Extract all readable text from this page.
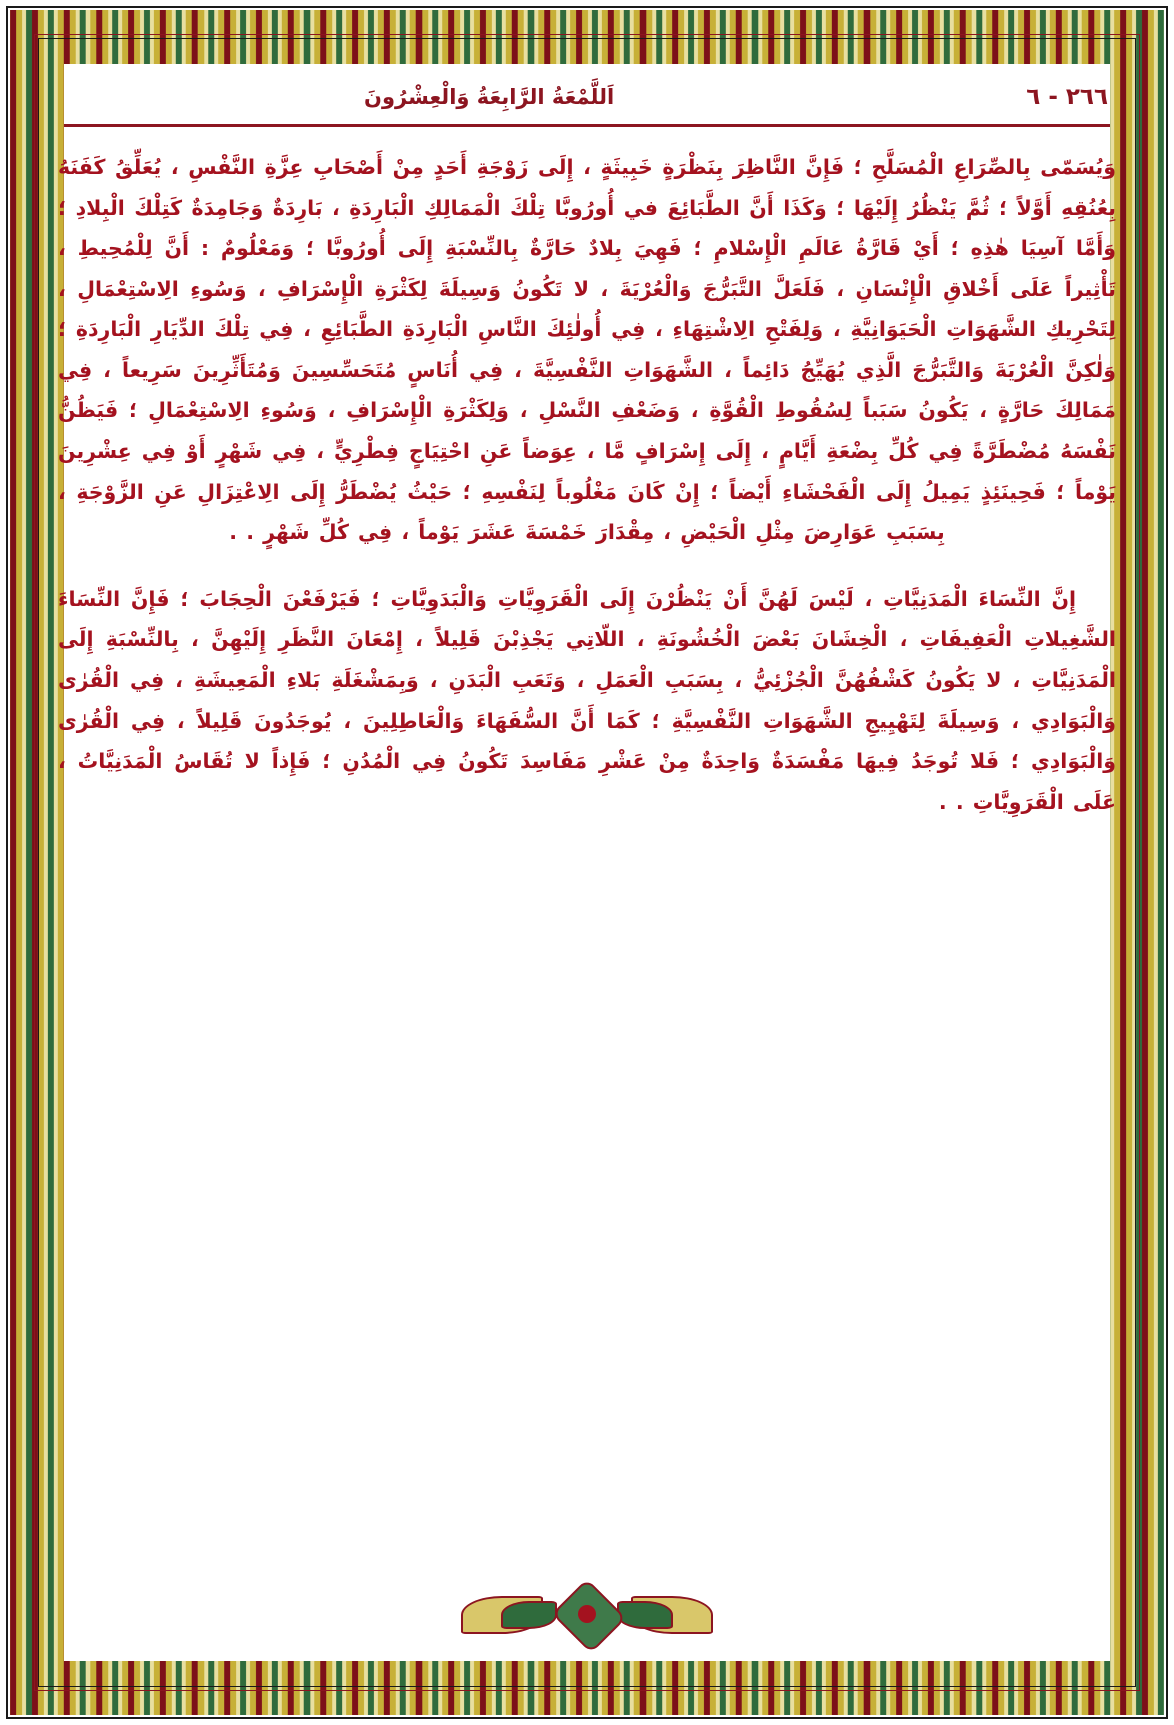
٢٦٦ - ٦
اَللَّمْعَةُ الرَّابِعَةُ وَالْعِشْرُونَ

وَيُسَمّى بِالصِّرَاعِ الْمُسَلَّحِ ؛ فَإِنَّ النَّاظِرَ بِنَظْرَةٍ خَبِيثَةٍ ، إِلَى زَوْجَةِ أَحَدٍ مِنْ أَصْحَابِ عِزَّةِ النَّفْسِ ، يُعَلِّقُ كَفَنَهُ بِعُنُقِهِ أَوَّلاً ؛ ثُمَّ يَنْظُرُ إِلَيْهَا ؛ وَكَذَا أَنَّ الطَّبَائِعَ في أُورُوبَّا تِلْكَ الْمَمَالِكِ الْبَارِدَةِ ، بَارِدَةٌ وَجَامِدَةٌ كَتِلْكَ الْبِلادِ ؛ وَأَمَّا آسِيَا هٰذِهِ ؛ أَيْ قَارَّةُ عَالَمِ الْإِسْلامِ ؛ فَهِيَ بِلادٌ حَارَّةٌ بِالنِّسْبَةِ إِلَى أُورُوبَّا ؛ وَمَعْلُومٌ : أَنَّ لِلْمُحِيطِ ، تَأْثِيراً عَلَى أَخْلاقِ الْإِنْسَانِ ، فَلَعَلَّ التَّبَرُّجَ وَالْعُرْيَةَ ، لا تَكُونُ وَسِيلَةَ لِكَثْرَةِ الْإِسْرَافِ ، وَسُوءِ الِاسْتِعْمَالِ ، لِتَحْرِيكِ الشَّهَوَاتِ الْحَيَوَانِيَّةِ ، وَلِفَتْحِ الِاشْتِهَاءِ ، فِي أُولٰئِكَ النَّاسِ الْبَارِدَةِ الطَّبَائِعِ ، فِي تِلْكَ الدِّيَارِ الْبَارِدَةِ ؛ وَلٰكِنَّ الْعُرْيَةَ وَالتَّبَرُّجَ الَّذِي يُهَيِّجُ دَائِماً ، الشَّهَوَاتِ النَّفْسِيَّةَ ، فِي أُنَاسٍ مُتَحَسِّسِينَ وَمُتَأَثِّرِينَ سَرِيعاً ، فِي مَمَالِكَ حَارَّةٍ ، يَكُونُ سَبَباً لِسُقُوطِ الْقُوَّةِ ، وَضَعْفِ النَّسْلِ ، وَلِكَثْرَةِ الْإِسْرَافِ ، وَسُوءِ الِاسْتِعْمَالِ ؛ فَيَظُنُّ نَفْسَهُ مُضْطَرَّةً فِي كُلِّ بِضْعَةِ أَيَّامٍ ، إِلَى إِسْرَافٍ مَّا ، عِوَضاً عَنِ احْتِيَاجٍ فِطْرِيٍّ ، فِي شَهْرٍ أَوْ فِي عِشْرِينَ يَوْماً ؛ فَحِينَئِذٍ يَمِيلُ إِلَى الْفَحْشَاءِ أَيْضاً ؛ إِنْ كَانَ مَغْلُوباً لِنَفْسِهِ ؛ حَيْثُ يُضْطَرُّ إِلَى الِاعْتِزَالِ عَنِ الزَّوْجَةِ ، بِسَبَبِ عَوَارِضَ مِثْلِ الْحَيْضِ ، مِقْدَارَ خَمْسَةَ عَشَرَ يَوْماً ، فِي كُلِّ شَهْرٍ . .

إِنَّ النِّسَاءَ الْمَدَنِيَّاتِ ، لَيْسَ لَهُنَّ أَنْ يَنْظُرْنَ إِلَى الْقَرَوِيَّاتِ وَالْبَدَوِيَّاتِ ؛ فَيَرْفَعْنَ الْحِجَابَ ؛ فَإِنَّ النِّسَاءَ الشَّغِيلاتِ الْعَفِيفَاتِ ، الْخِشَانَ بَعْضَ الْخُشُونَةِ ، اللّاتِي يَجْذِبْنَ قَلِيلاً ، إِمْعَانَ النَّظَرِ إِلَيْهِنَّ ، بِالنِّسْبَةِ إِلَى الْمَدَنِيَّاتِ ، لا يَكُونُ كَشْفُهُنَّ الْجُزْئِيُّ ، بِسَبَبِ الْعَمَلِ ، وَتَعَبِ الْبَدَنِ ، وَبِمَشْغَلَةِ بَلاءِ الْمَعِيشَةِ ، فِي الْقُرٰى وَالْبَوَادِي ، وَسِيلَةَ لِتَهْيِيجِ الشَّهَوَاتِ النَّفْسِيَّةِ ؛ كَمَا أَنَّ السُّفَهَاءَ وَالْعَاطِلِينَ ، يُوجَدُونَ قَلِيلاً ، فِي الْقُرٰى وَالْبَوَادِي ؛ فَلا تُوجَدُ فِيهَا مَفْسَدَةٌ وَاحِدَةٌ مِنْ عَشْرِ مَفَاسِدَ تَكُونُ فِي الْمُدُنِ ؛ فَإِذاً لا تُقَاسُ الْمَدَنِيَّاتُ ، عَلَى الْقَرَوِيَّاتِ . .
